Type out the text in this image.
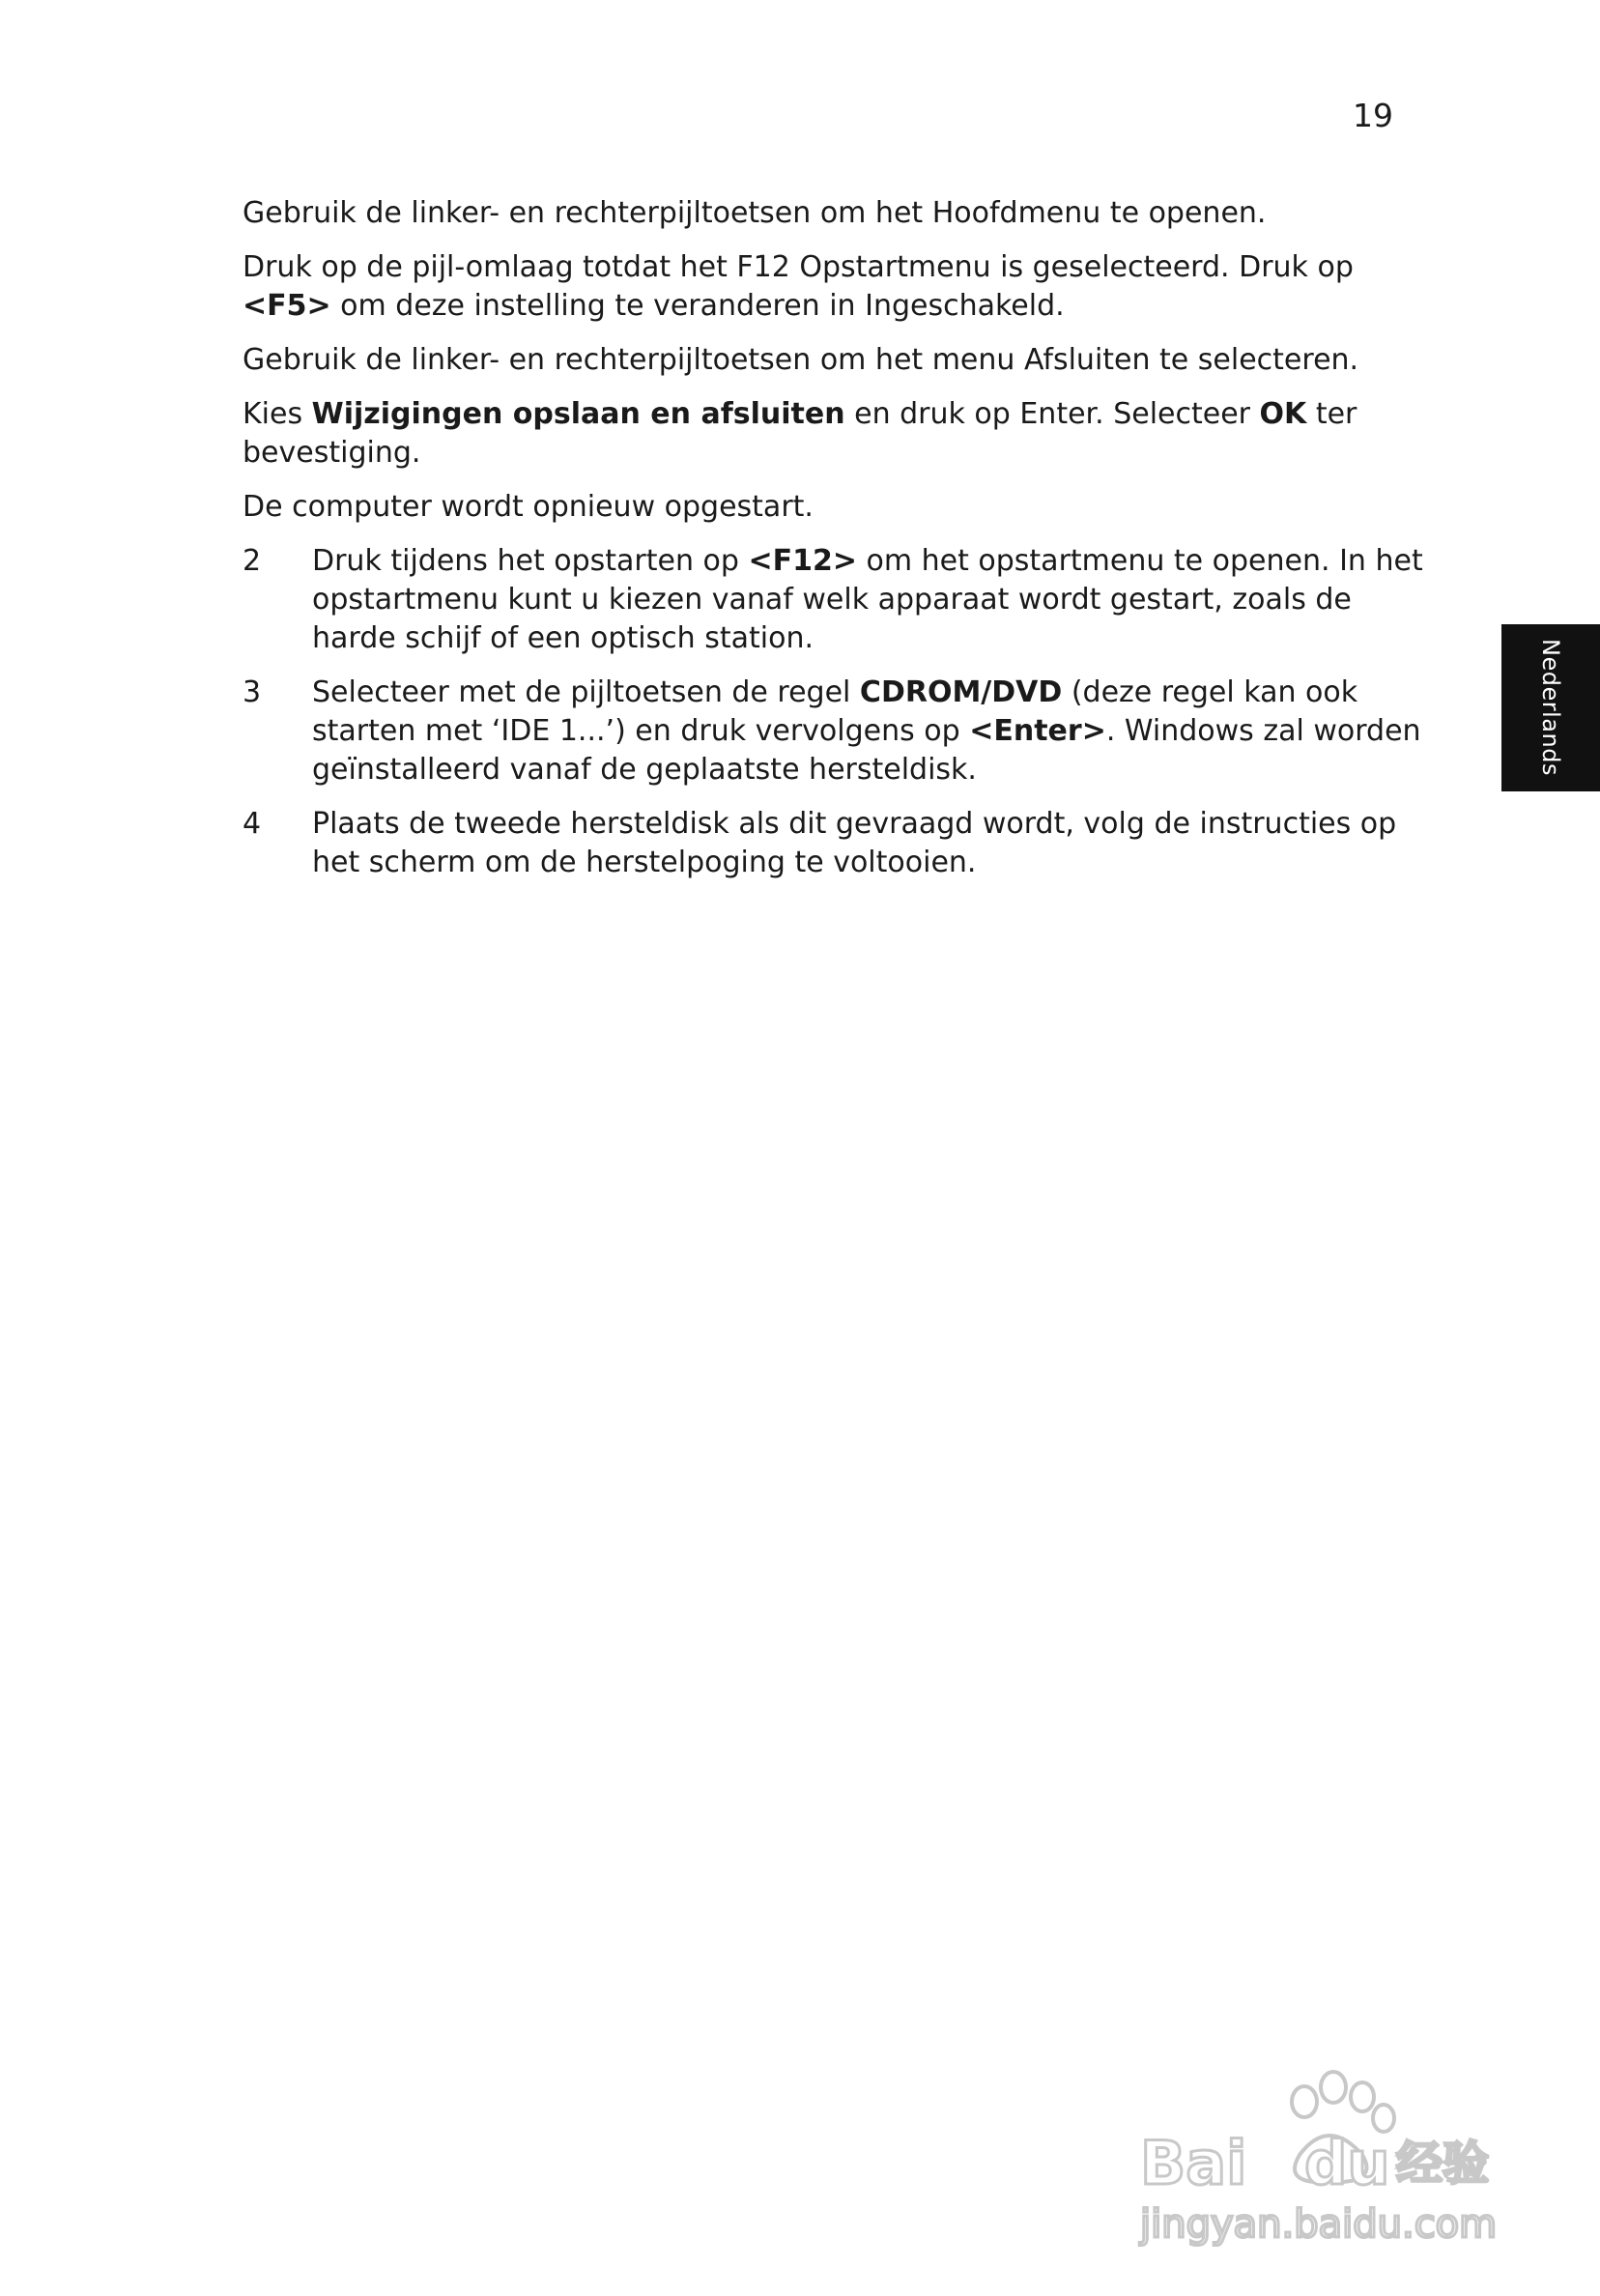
19

Gebruik de linker- en rechterpijltoetsen om het Hoofdmenu te openen.

Druk op de pijl-omlaag totdat het F12 Opstartmenu is geselecteerd. Druk op
<F5> om deze instelling te veranderen in Ingeschakeld.

Gebruik de linker- en rechterpijltoetsen om het menu Afsluiten te selecteren.

Kies Wijzigingen opslaan en afsluiten en druk op Enter. Selecteer OK ter
bevestiging.

De computer wordt opnieuw opgestart.

2 Druk tijdens het opstarten op <F12> om het opstartmenu te openen. In het
opstartmenu kunt u kiezen vanaf welk apparaat wordt gestart, zoals de
harde schijf of een optisch station.
3 Selecteer met de pijltoetsen de regel CDROM/DVD (deze regel kan ook
starten met ‘IDE 1...’) en druk vervolgens op <Enter>. Windows zal worden
geïnstalleerd vanaf de geplaatste hersteldisk.
4 Plaats de tweede hersteldisk als dit gevraagd wordt, volg de instructies op
het scherm om de herstelpoging te voltooien.
Nederlands
Bai du 经验
jingyan.baidu.com
